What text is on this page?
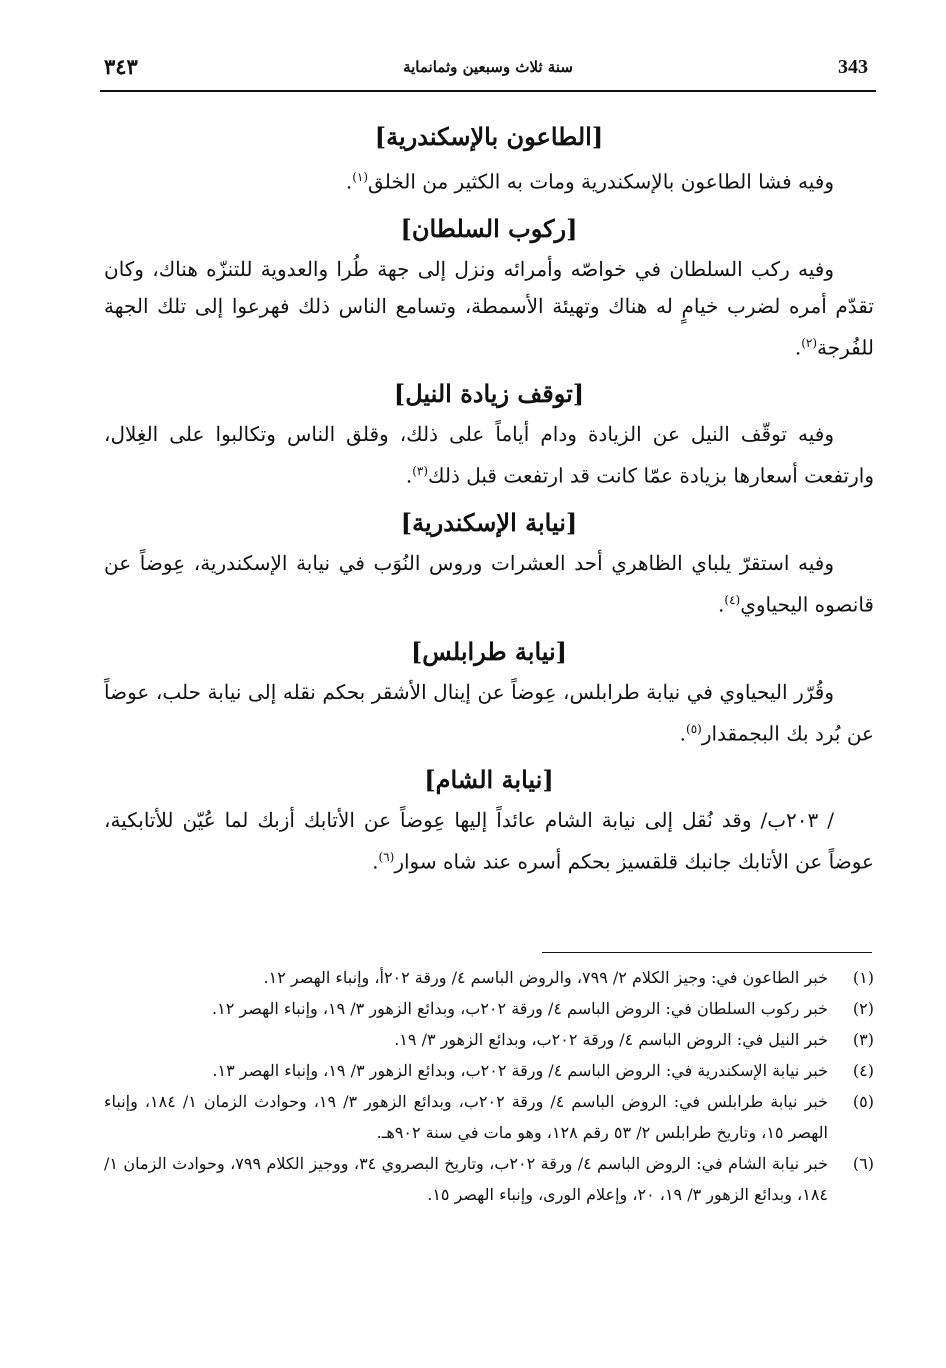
343
سنة ثلاث وسبعين وثمانماية
٣٤٣
[الطاعون بالإسكندرية]

وفيه فشا الطاعون بالإسكندرية ومات به الكثير من الخلق$^{(١)}$.

[ركوب السلطان]

وفيه ركب السلطان في خواصّه وأمرائه ونزل إلى جهة طُرا والعدوية للتنزّه هناك، وكان تقدّم أمره لضرب خيامٍ له هناك وتهيئة الأسمطة، وتسامع الناس ذلك فهرعوا إلى تلك الجهة للفُرجة$^{(٢)}$.

[توقف زيادة النيل]

وفيه توقّف النيل عن الزيادة ودام أياماً على ذلك، وقلق الناس وتكالبوا على الغِلال، وارتفعت أسعارها بزيادة عمّا كانت قد ارتفعت قبل ذلك$^{(٣)}$.

[نيابة الإسكندرية]

وفيه استقرّ يلباي الظاهري أحد العشرات وروس النُوَب في نيابة الإسكندرية، عِوضاً عن قانصوه اليحياوي$^{(٤)}$.

[نيابة طرابلس]

وقُرّر اليحياوي في نيابة طرابلس، عِوضاً عن إينال الأشقر بحكم نقله إلى نيابة حلب، عوضاً عن بُرد بك البجمقدار$^{(٥)}$.

[نيابة الشام]

/ ٢٠٣ب/ وقد نُقل إلى نيابة الشام عائداً إليها عِوضاً عن الأتابك أزبك لما عُيّن للأتابكية، عوضاً عن الأتابك جانبك قلقسيز بحكم أسره عند شاه سوار$^{(٦)}$.

(١)
خبر الطاعون في: وجيز الكلام ٢/ ٧٩٩، والروض الباسم ٤/ ورقة ٢٠٢أ، وإنباء الهصر ١٢.
(٢)
خبر ركوب السلطان في: الروض الباسم ٤/ ورقة ٢٠٢ب، وبدائع الزهور ٣/ ١٩، وإنباء الهصر ١٢.
(٣)
خبر النيل في: الروض الباسم ٤/ ورقة ٢٠٢ب، وبدائع الزهور ٣/ ١٩.
(٤)
خبر نيابة الإسكندرية في: الروض الباسم ٤/ ورقة ٢٠٢ب، وبدائع الزهور ٣/ ١٩، وإنباء الهصر ١٣.
(٥)
خبر نيابة طرابلس في: الروض الباسم ٤/ ورقة ٢٠٢ب، وبدائع الزهور ٣/ ١٩، وحوادث الزمان ١/ ١٨٤، وإنباء الهصر ١٥، وتاريخ طرابلس ٢/ ٥٣ رقم ١٢٨، وهو مات في سنة ٩٠٢هـ.
(٦)
خبر نيابة الشام في: الروض الباسم ٤/ ورقة ٢٠٢ب، وتاريخ البصروي ٣٤، ووجيز الكلام ٧٩٩، وحوادث الزمان ١/ ١٨٤، وبدائع الزهور ٣/ ١٩، ٢٠، وإعلام الورى، وإنباء الهصر ١٥.
